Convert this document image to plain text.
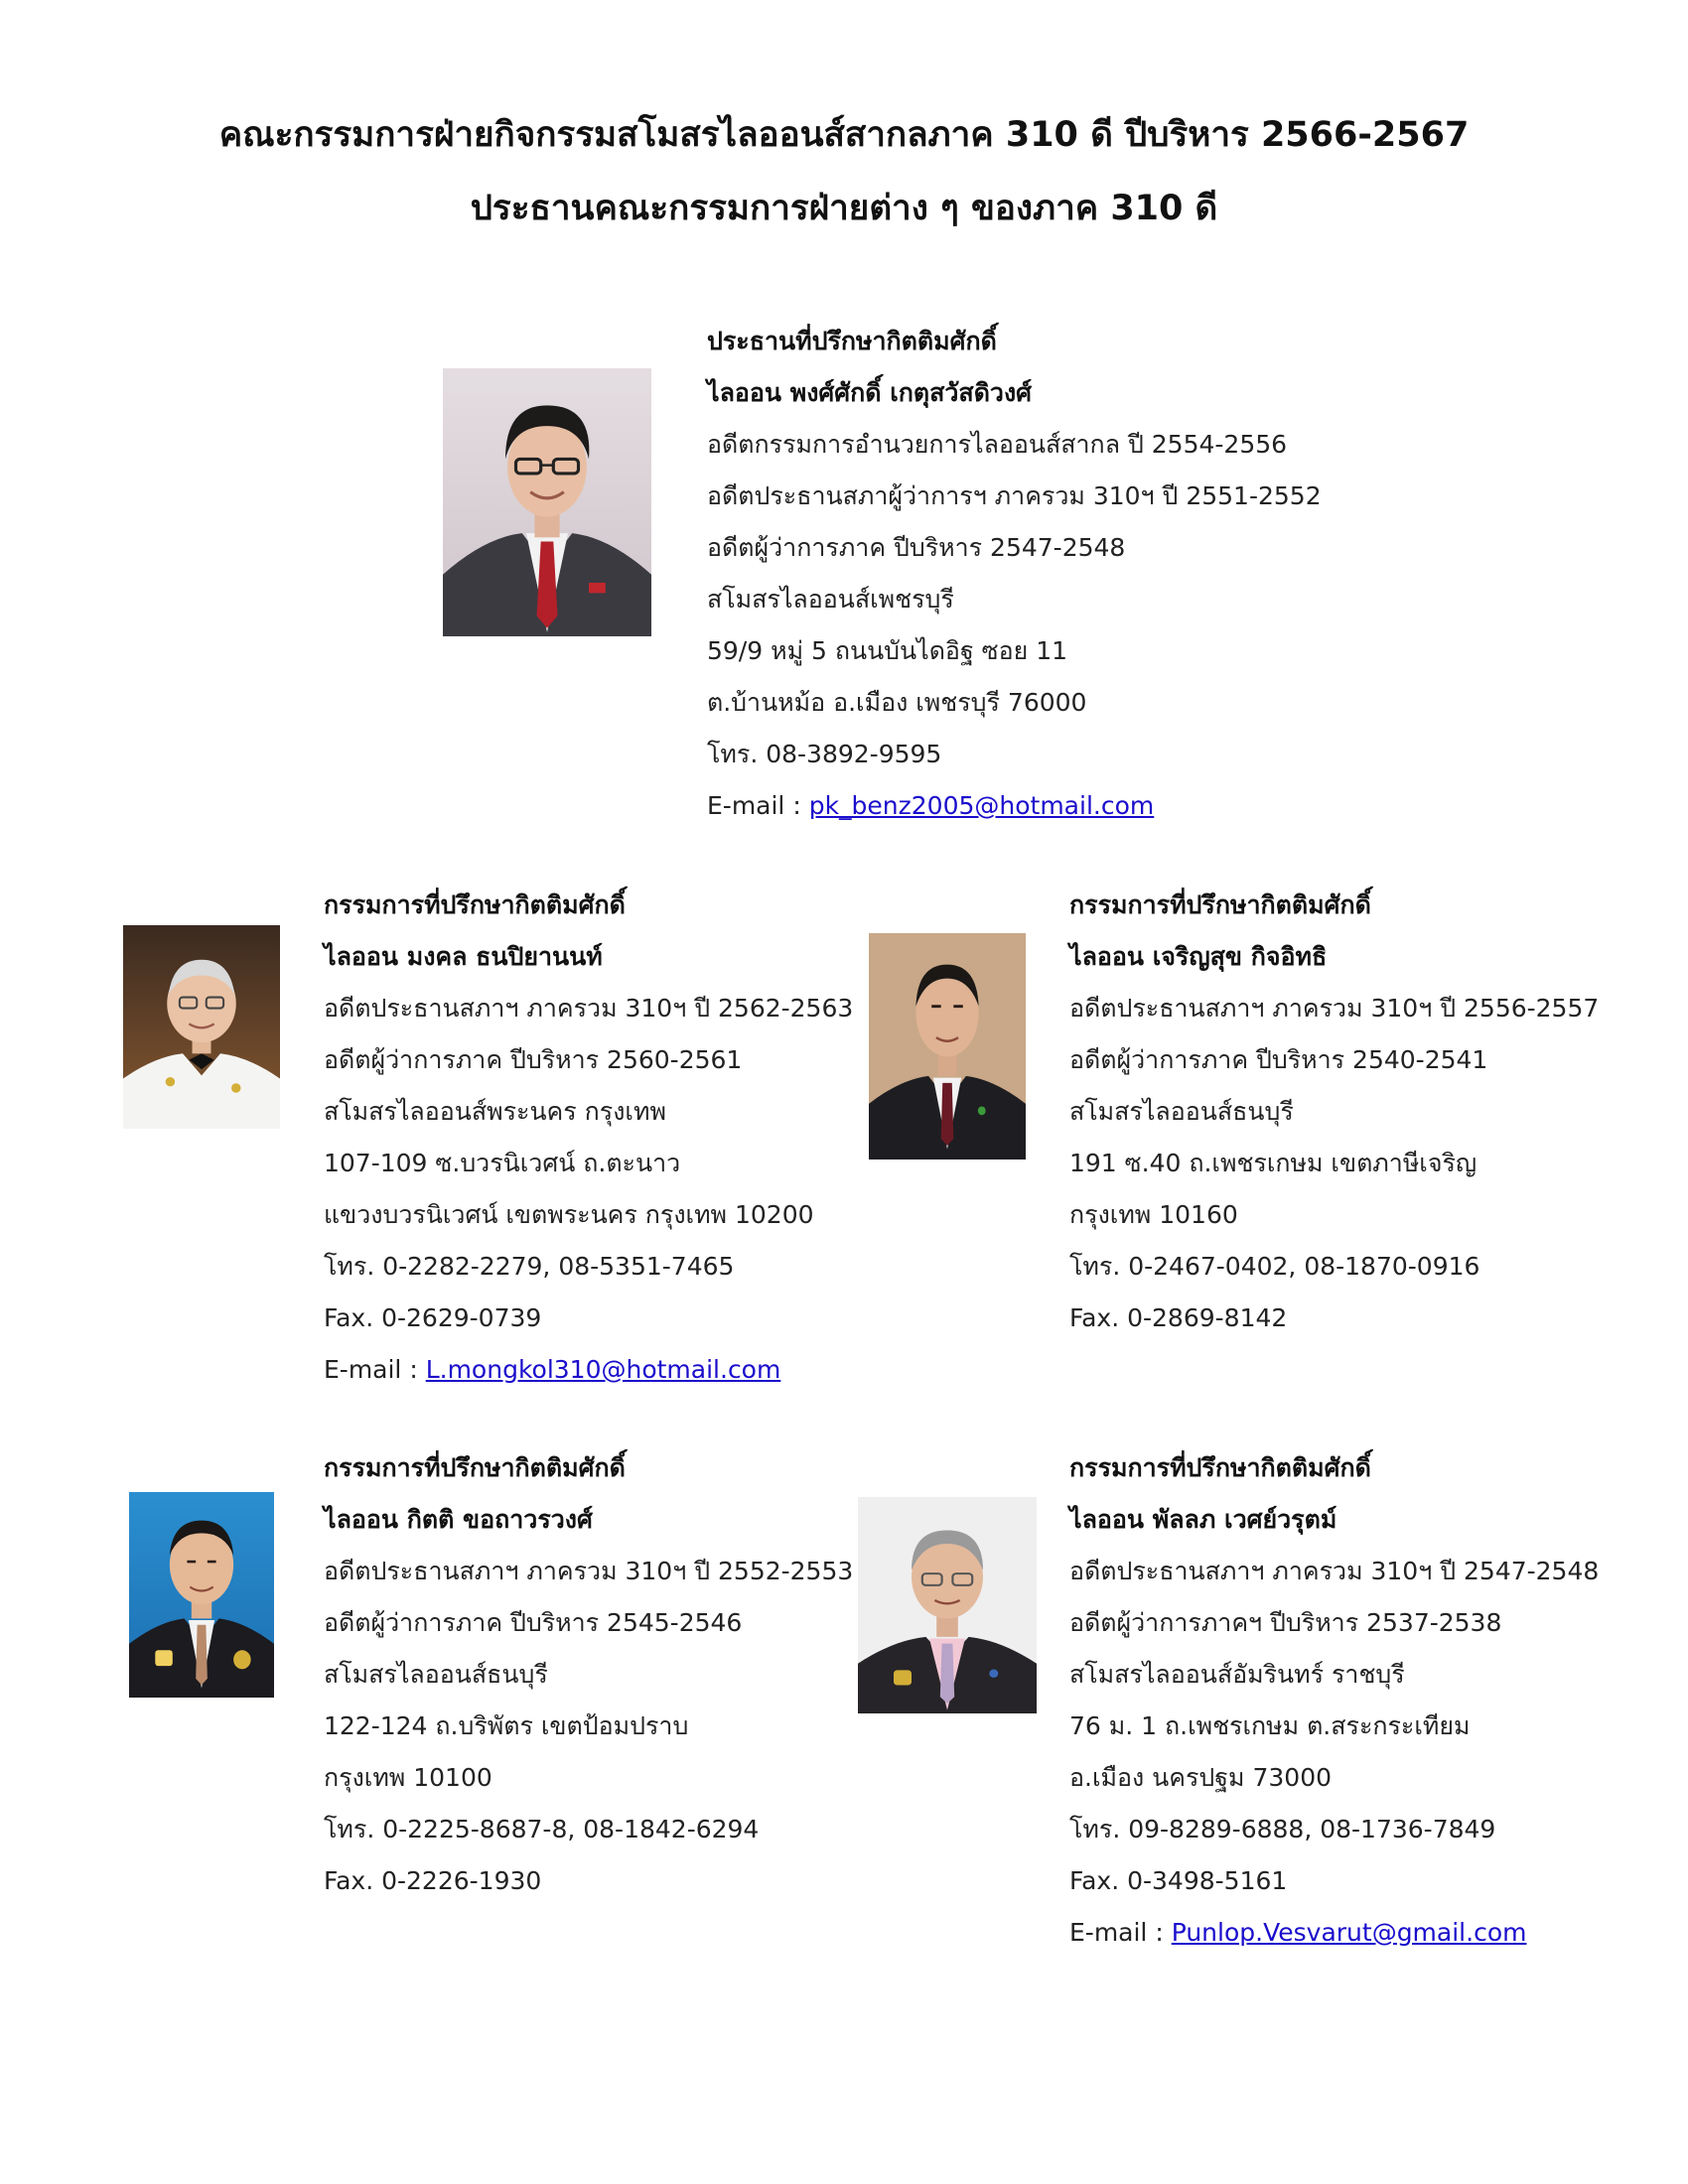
คณะกรรมการฝ่ายกิจกรรมสโมสรไลออนส์สากลภาค 310 ดี ปีบริหาร 2566-2567
ประธานคณะกรรมการฝ่ายต่าง ๆ ของภาค 310 ดี
ประธานที่ปรึกษากิตติมศักดิ์
ไลออน พงศ์ศักดิ์ เกตุสวัสดิวงศ์
อดีตกรรมการอำนวยการไลออนส์สากล ปี 2554-2556
อดีตประธานสภาผู้ว่าการฯ ภาครวม 310ฯ ปี 2551-2552
อดีตผู้ว่าการภาค ปีบริหาร 2547-2548
สโมสรไลออนส์เพชรบุรี
59/9 หมู่ 5 ถนนบันไดอิฐ ซอย 11
ต.บ้านหม้อ อ.เมือง เพชรบุรี 76000
โทร. 08-3892-9595
E-mail : pk_benz2005@hotmail.com
กรรมการที่ปรึกษากิตติมศักดิ์
ไลออน มงคล ธนปิยานนท์
อดีตประธานสภาฯ ภาครวม 310ฯ ปี 2562-2563
อดีตผู้ว่าการภาค ปีบริหาร 2560-2561
สโมสรไลออนส์พระนคร กรุงเทพ
107-109 ซ.บวรนิเวศน์ ถ.ตะนาว
แขวงบวรนิเวศน์ เขตพระนคร กรุงเทพ 10200
โทร. 0-2282-2279, 08-5351-7465
Fax. 0-2629-0739
E-mail : L.mongkol310@hotmail.com
กรรมการที่ปรึกษากิตติมศักดิ์
ไลออน เจริญสุข กิจอิทธิ
อดีตประธานสภาฯ ภาครวม 310ฯ ปี 2556-2557
อดีตผู้ว่าการภาค ปีบริหาร 2540-2541
สโมสรไลออนส์ธนบุรี
191 ซ.40 ถ.เพชรเกษม เขตภาษีเจริญ
กรุงเทพ 10160
โทร. 0-2467-0402, 08-1870-0916
Fax. 0-2869-8142
กรรมการที่ปรึกษากิตติมศักดิ์
ไลออน กิตติ ขอถาวรวงศ์
อดีตประธานสภาฯ ภาครวม 310ฯ ปี 2552-2553
อดีตผู้ว่าการภาค ปีบริหาร 2545-2546
สโมสรไลออนส์ธนบุรี
122-124 ถ.บริพัตร เขตป้อมปราบ
กรุงเทพ 10100
โทร. 0-2225-8687-8, 08-1842-6294
Fax. 0-2226-1930
กรรมการที่ปรึกษากิตติมศักดิ์
ไลออน พัลลภ เวศย์วรุตม์
อดีตประธานสภาฯ ภาครวม 310ฯ ปี 2547-2548
อดีตผู้ว่าการภาคฯ ปีบริหาร 2537-2538
สโมสรไลออนส์อัมรินทร์ ราชบุรี
76 ม. 1 ถ.เพชรเกษม ต.สระกระเทียม
อ.เมือง นครปฐม 73000
โทร. 09-8289-6888, 08-1736-7849
Fax. 0-3498-5161
E-mail : Punlop.Vesvarut@gmail.com
